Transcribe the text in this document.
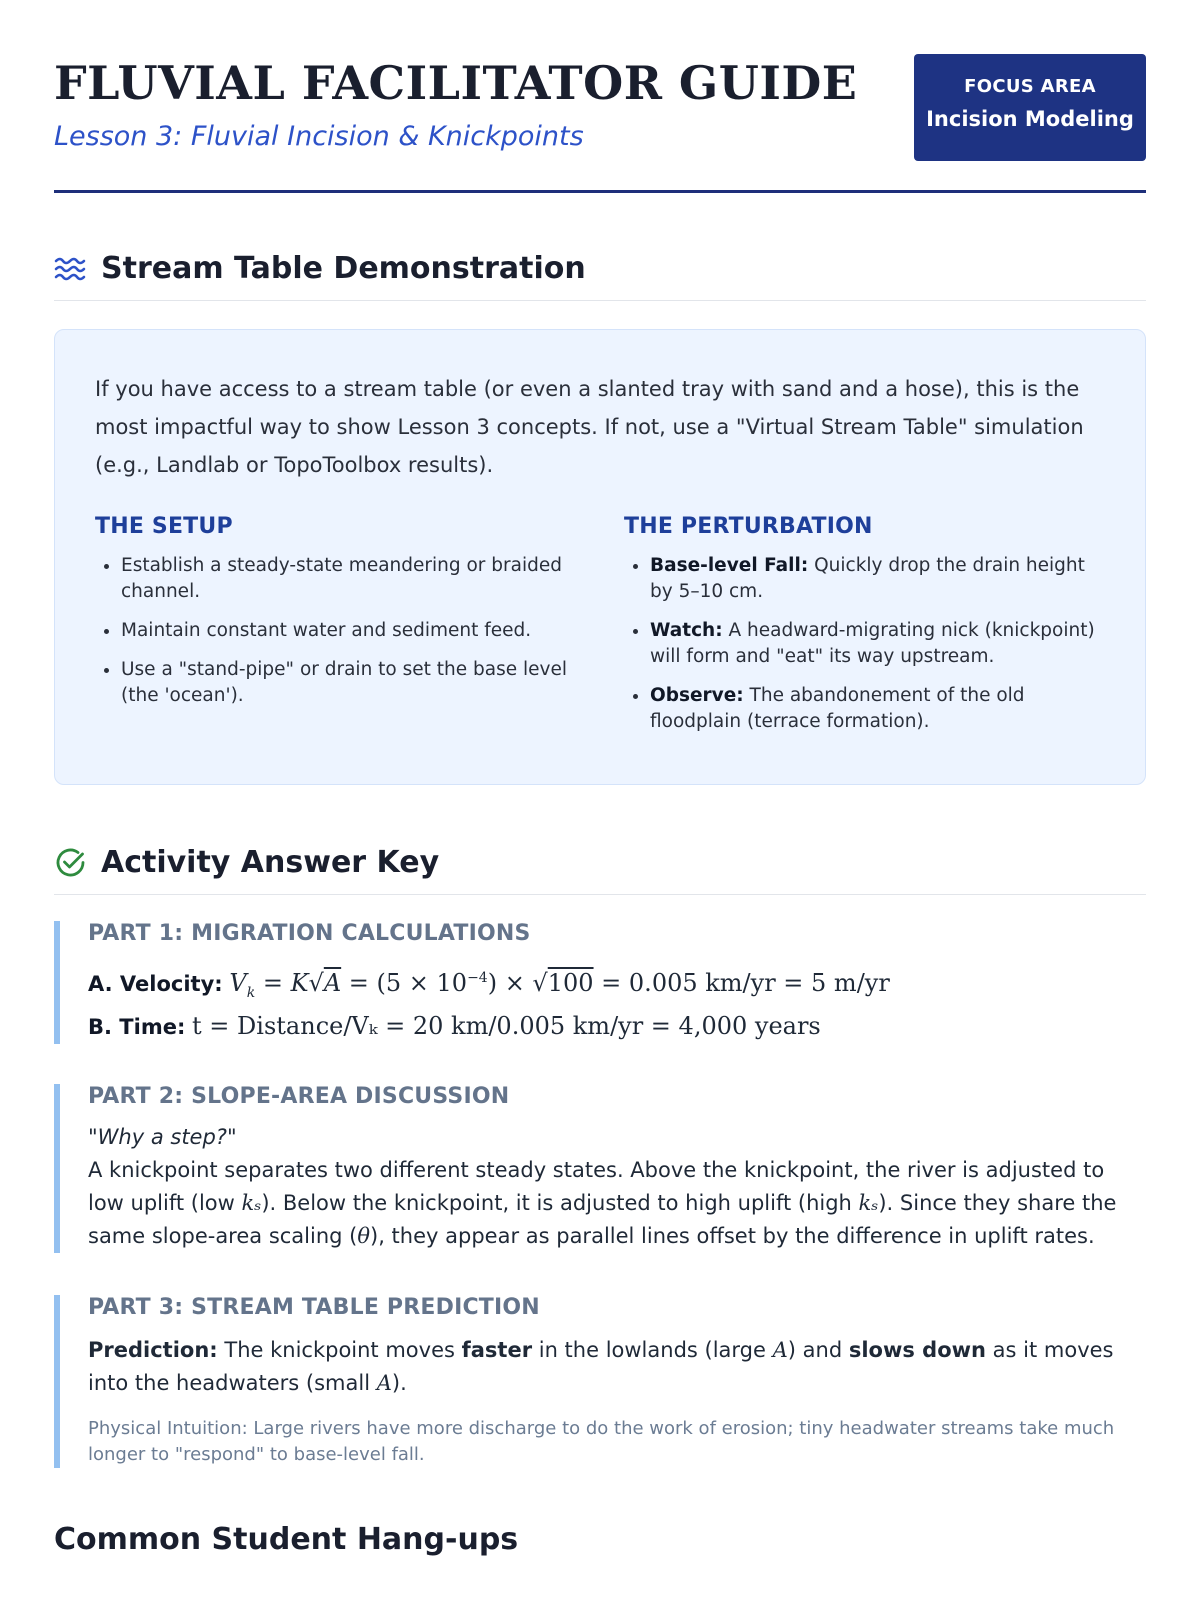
FLUVIAL FACILITATOR GUIDE
Lesson 3: Fluvial Incision & Knickpoints
FOCUS AREA
Incision Modeling
Stream Table Demonstration

If you have access to a stream table (or even a slanted tray with sand and a hose), this is the most impactful way to show Lesson 3 concepts. If not, use a "Virtual Stream Table" simulation (e.g., Landlab or TopoToolbox results).

THE SETUP
• Establish a steady-state meandering or braided channel.
• Maintain constant water and sediment feed.
• Use a "stand-pipe" or drain to set the base level (the 'ocean').
THE PERTURBATION
• Base-level Fall: Quickly drop the drain height by 5–10 cm.
• Watch: A headward-migrating nick (knickpoint) will form and "eat" its way upstream.
• Observe: The abandonement of the old floodplain (terrace formation).
Activity Answer Key
PART 1: MIGRATION CALCULATIONS
A. Velocity: $V_k = K√A = (5 \times 10^{-4}) \times √100 = 0.005$ km/yr = 5 m/yr
B. Time: t = Distance/Vₖ = 20 km/0.005 km/yr = 4,000 years
PART 2: SLOPE-AREA DISCUSSION

"Why a step?"

A knickpoint separates two different steady states. Above the knickpoint, the river is adjusted to low uplift (low kₛ). Below the knickpoint, it is adjusted to high uplift (high kₛ). Since they share the same slope-area scaling (θ), they appear as parallel lines offset by the difference in uplift rates.

PART 3: STREAM TABLE PREDICTION

Prediction: The knickpoint moves faster in the lowlands (large A) and slows down as it moves into the headwaters (small A).

Physical Intuition: Large rivers have more discharge to do the work of erosion; tiny headwater streams take much longer to "respond" to base-level fall.

Common Student Hang-ups
